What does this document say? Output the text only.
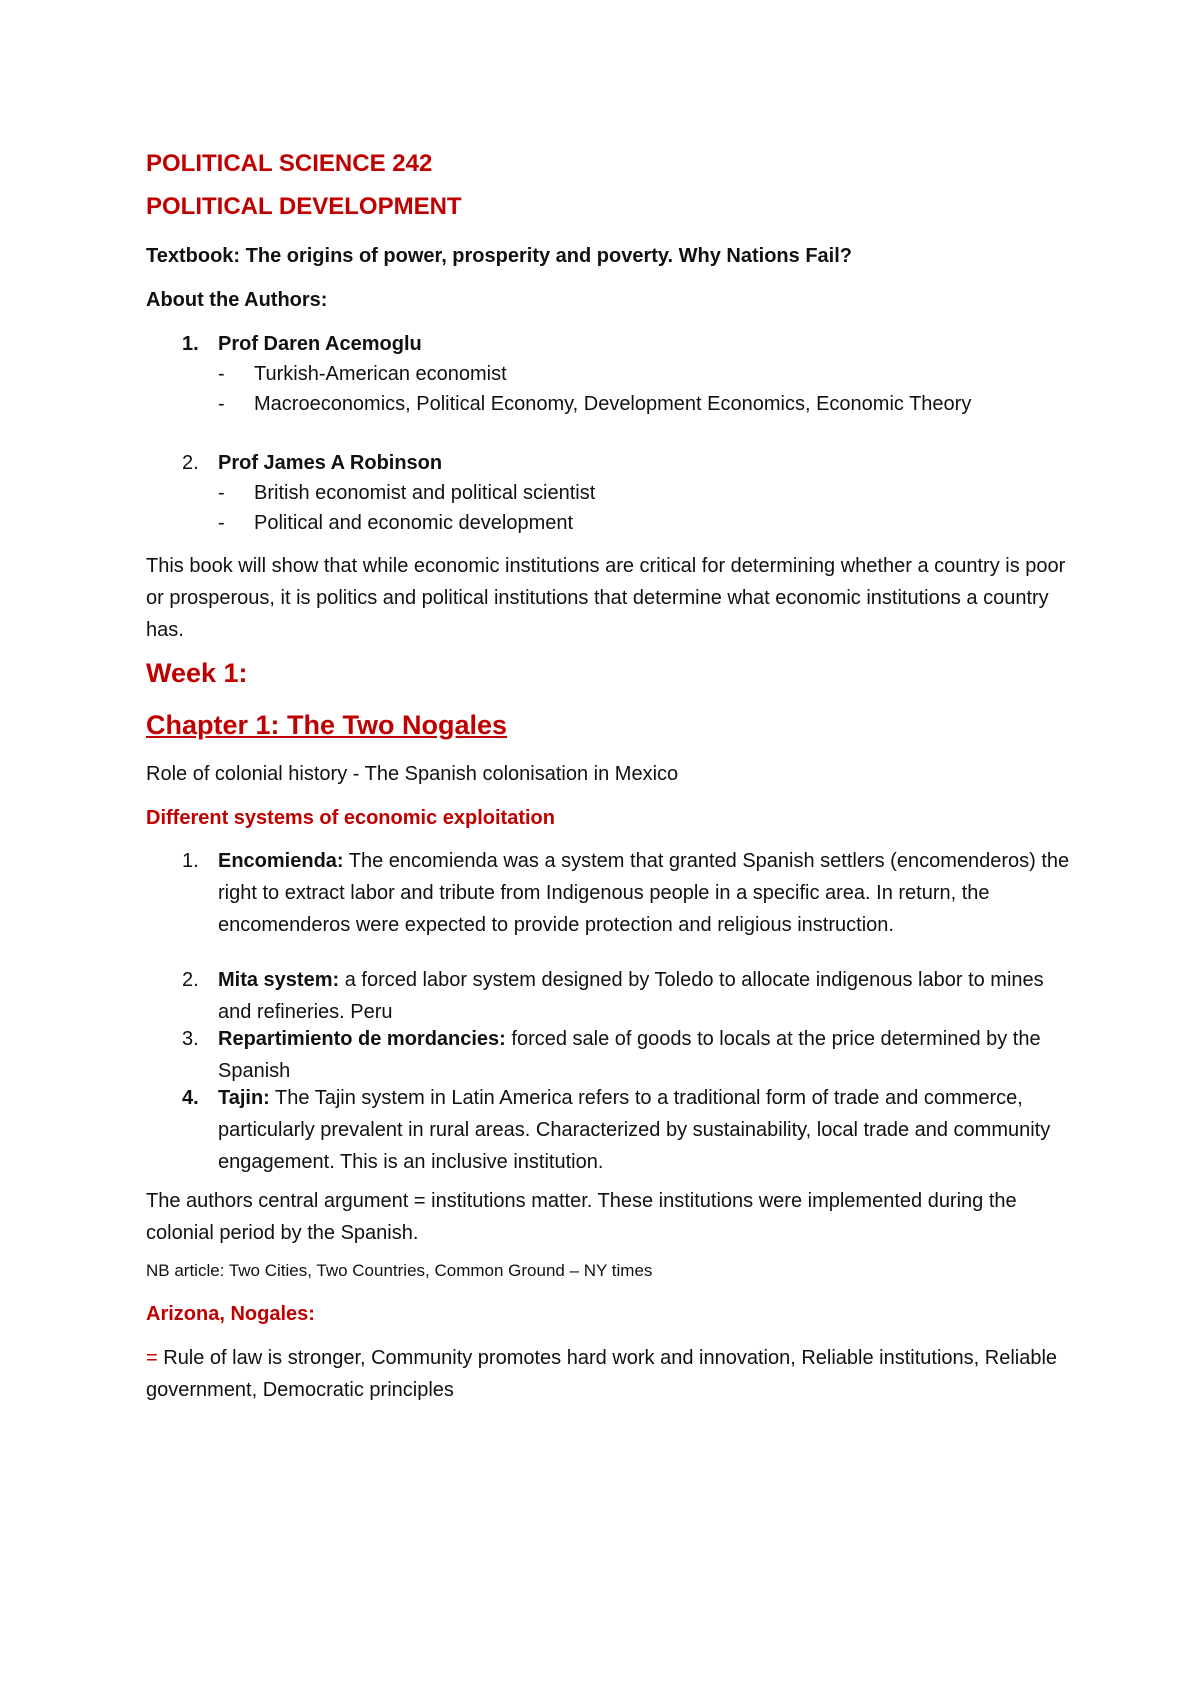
POLITICAL SCIENCE 242
POLITICAL DEVELOPMENT
Textbook: The origins of power, prosperity and poverty. Why Nations Fail?
About the Authors:
1. Prof Daren Acemoglu
- Turkish-American economist
- Macroeconomics, Political Economy, Development Economics, Economic Theory
2. Prof James A Robinson
- British economist and political scientist
- Political and economic development
This book will show that while economic institutions are critical for determining whether a country is poor or prosperous, it is politics and political institutions that determine what economic institutions a country has.
Week 1:
Chapter 1: The Two Nogales
Role of colonial history - The Spanish colonisation in Mexico
Different systems of economic exploitation
1. Encomienda: The encomienda was a system that granted Spanish settlers (encomenderos) the right to extract labor and tribute from Indigenous people in a specific area. In return, the encomenderos were expected to provide protection and religious instruction.
2. Mita system: a forced labor system designed by Toledo to allocate indigenous labor to mines and refineries. Peru
3. Repartimiento de mordancies: forced sale of goods to locals at the price determined by the Spanish
4. Tajin: The Tajin system in Latin America refers to a traditional form of trade and commerce, particularly prevalent in rural areas. Characterized by sustainability, local trade and community engagement. This is an inclusive institution.
The authors central argument = institutions matter. These institutions were implemented during the colonial period by the Spanish.
NB article: Two Cities, Two Countries, Common Ground – NY times
Arizona, Nogales:
= Rule of law is stronger, Community promotes hard work and innovation, Reliable institutions, Reliable government, Democratic principles
